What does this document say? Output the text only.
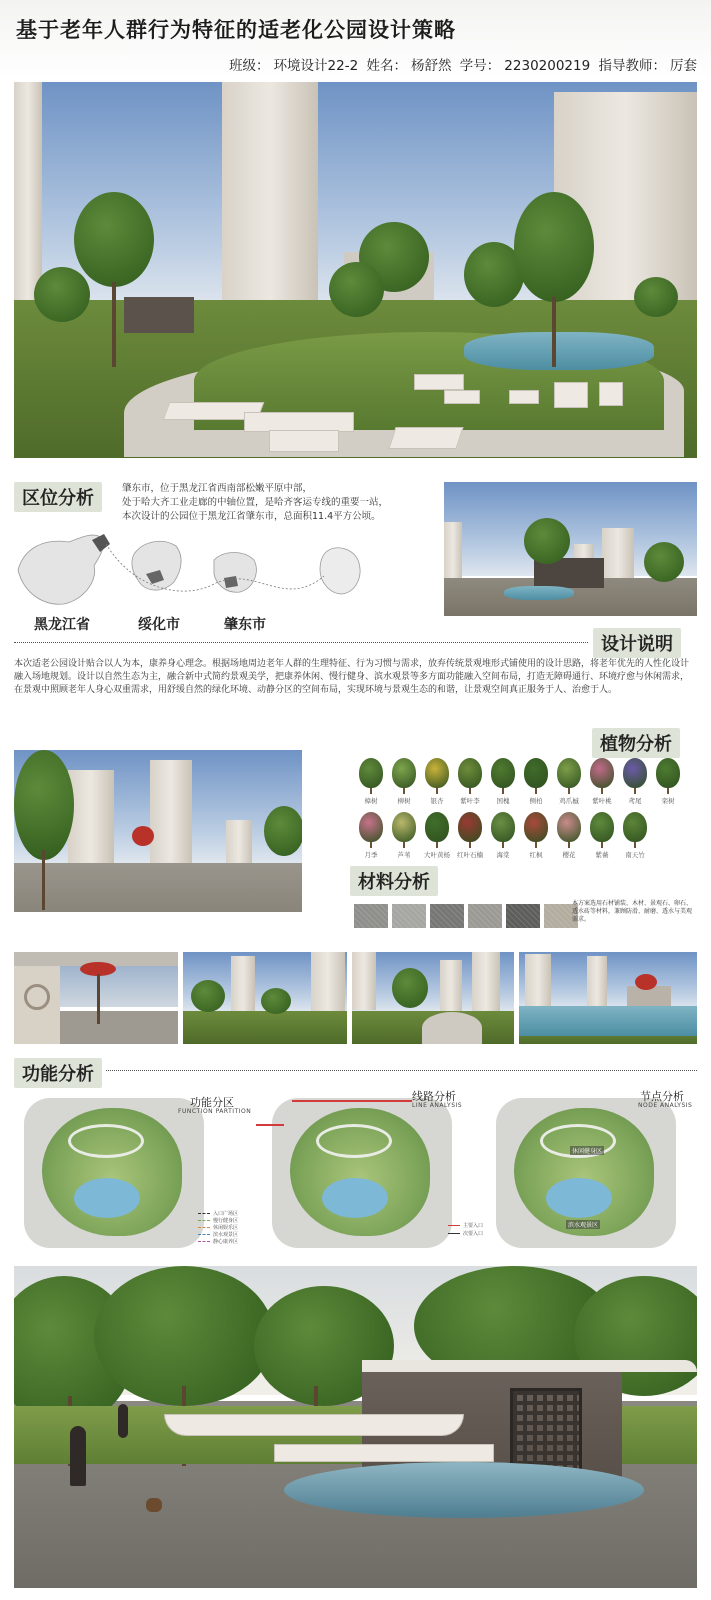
基于老年人群行为特征的适老化公园设计策略
班级： 环境设计22-2 姓名： 杨舒然 学号： 2230200219 指导教师： 厉套
区位分析	肇东市，位于黑龙江省西南部松嫩平原中部，
处于哈大齐工业走廊的中轴位置，是哈齐客运专线的重要一站，
本次设计的公园位于黑龙江省肇东市，总面积11.4平方公顷。
黑龙江省	绥化市	肇东市
设计说明
本次适老公园设计贴合以人为本，康养身心理念。根据场地周边老年人群的生理特征、行为习惯与需求，放弃传统景观堆形式铺使用的设计思路，将老年优先的人性化设计融入场地规划。设计以自然生态为主，融合新中式简约景观美学，把康养休闲、慢行健身、滨水观景等多方面功能融入空间布局，打造无障碍通行、环境疗愈与休闲需求，在景观中照顾老年人身心双重需求，用舒缓自然的绿化环境、动静分区的空间布局，实现环境与景观生态的和谐，让景观空间真正服务于人、治愈于人。
植物分析
樟树	柳树	银杏	紫叶李	国槐	侧柏	鸡爪槭	紫叶桃	鸢尾	栾树
月季	芦苇	大叶黄杨	红叶石楠	海棠	红枫	樱花	紫薇	南天竹
材料分析
本方案选用石材铺装、木材、景观石、卵石、透水砖等材料，兼顾防滑、耐磨、透水与美观需求。
功能分析
功能分区
FUNCTION PARTITION
入口广场区
慢行健身区
休闲娱乐区
滨水观景区
静心康养区
线路分析
LINE ANALYSIS
主要入口
次要入口
休闲健身区
滨水观景区
节点分析
NODE ANALYSIS
